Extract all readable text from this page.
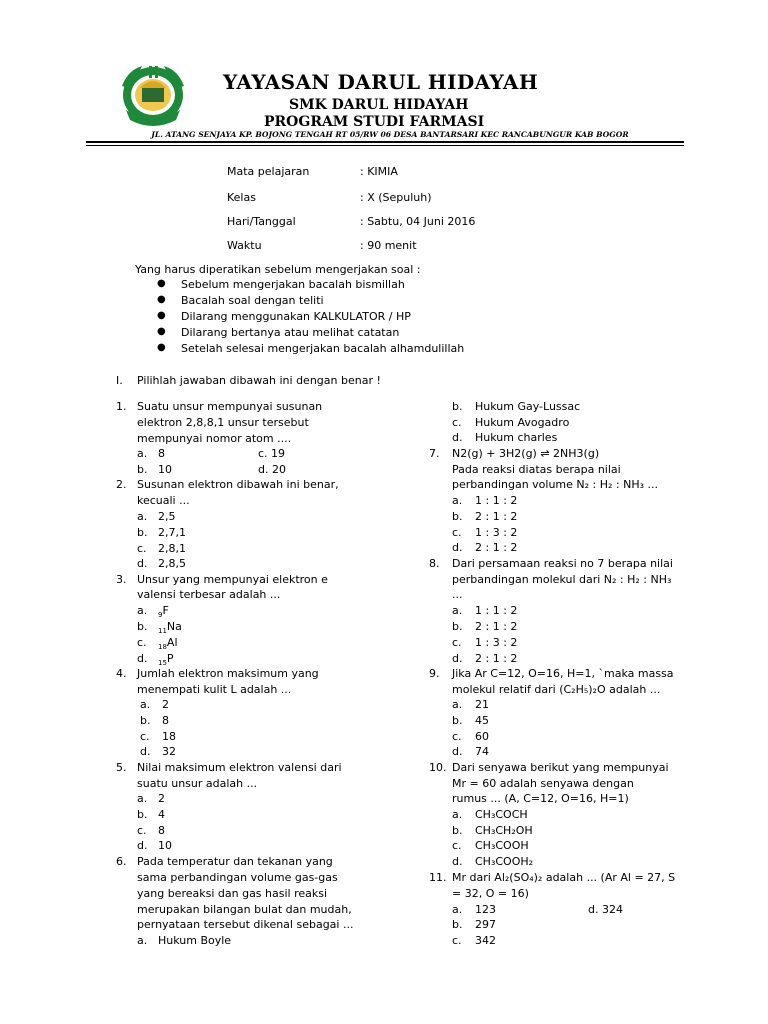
YAYASAN DARUL HIDAYAH
SMK DARUL HIDAYAH
PROGRAM STUDI FARMASI
JL. ATANG SENJAYA KP. BOJONG TENGAH RT 05/RW 06 DESA BANTARSARI KEC RANCABUNGUR KAB BOGOR
Mata pelajaran	: KIMIA
Kelas	: X (Sepuluh)
Hari/Tanggal	: Sabtu, 04 Juni 2016
Waktu	: 90 menit
Yang harus diperatikan sebelum mengerjakan soal :
● Sebelum mengerjakan bacalah bismillah
● Bacalah soal dengan teliti
● Dilarang menggunakan KALKULATOR / HP
● Dilarang bertanya atau melihat catatan
● Setelah selesai mengerjakan bacalah alhamdulillah
I. Pilihlah jawaban dibawah ini dengan benar !
1. Suatu unsur mempunyai susunan
elektron 2,8,8,1 unsur tersebut
mempunyai nomor atom ....
a. 8	c. 19
b. 10	d. 20
2. Susunan elektron dibawah ini benar,
kecuali ...
a. 2,5
b. 2,7,1
c. 2,8,1
d. 2,8,5
3. Unsur yang mempunyai elektron e
valensi terbesar adalah ...
a. $_9$F
b. $_{11}$Na
c. $_{18}$Al
d. $_{15}$P
4. Jumlah elektron maksimum yang
menempati kulit L adalah ...
a. 2
b. 8
c. 18
d. 32
5. Nilai maksimum elektron valensi dari
suatu unsur adalah ...
a. 2
b. 4
c. 8
d. 10
6. Pada temperatur dan tekanan yang
sama perbandingan volume gas-gas
yang bereaksi dan gas hasil reaksi
merupakan bilangan bulat dan mudah,
pernyataan tersebut dikenal sebagai ...
a. Hukum Boyle
b. Hukum Gay-Lussac
c. Hukum Avogadro
d. Hukum charles
7. N2(g) + 3H2(g) ⇌ 2NH3(g)
Pada reaksi diatas berapa nilai
perbandingan volume N₂ : H₂ : NH₃ ...
a. 1 : 1 : 2
b. 2 : 1 : 2
c. 1 : 3 : 2
d. 2 : 1 : 2
8. Dari persamaan reaksi no 7 berapa nilai
perbandingan molekul dari N₂ : H₂ : NH₃
...
a. 1 : 1 : 2
b. 2 : 1 : 2
c. 1 : 3 : 2
d. 2 : 1 : 2
9. Jika Ar C=12, O=16, H=1, `maka massa
molekul relatif dari (C₂H₅)₂O adalah ...
a. 21
b. 45
c. 60
d. 74
10. Dari senyawa berikut yang mempunyai
Mr = 60 adalah senyawa dengan
rumus ... (A, C=12, O=16, H=1)
a. CH₃COCH
b. CH₃CH₂OH
c. CH₃COOH
d. CH₃COOH₂
11. Mr dari Al₂(SO₄)₂ adalah ... (Ar Al = 27, S
= 32, O = 16)
a. 123	d. 324
b. 297
c. 342
